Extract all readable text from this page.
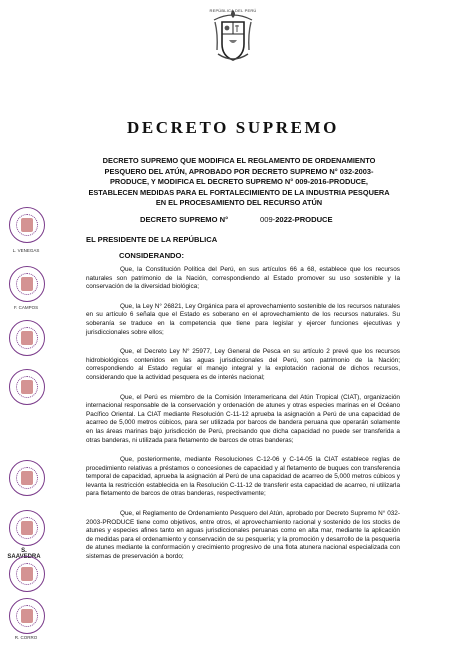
REPÚBLICA DEL PERÚ
DECRETO SUPREMO

DECRETO SUPREMO QUE MODIFICA EL REGLAMENTO DE ORDENAMIENTO

PESQUERO DEL ATÚN, APROBADO POR DECRETO SUPREMO N° 032-2003-

PRODUCE, Y MODIFICA EL DECRETO SUPREMO N° 009-2016-PRODUCE,

ESTABLECEN MEDIDAS PARA EL FORTALECIMIENTO DE LA INDUSTRIA PESQUERA

EN EL PROCESAMIENTO DEL RECURSO ATÚN

DECRETO SUPREMO N°	009-2022-PRODUCE
EL PRESIDENTE DE LA REPÚBLICA
CONSIDERANDO:

Que, la Constitución Política del Perú, en sus artículos 66 a 68, establece que los recursos naturales son patrimonio de la Nación, correspondiendo al Estado promover su uso sostenible y la conservación de la diversidad biológica;

Que, la Ley N° 26821, Ley Orgánica para el aprovechamiento sostenible de los recursos naturales en su artículo 6 señala que el Estado es soberano en el aprovechamiento de los recursos naturales. Su soberanía se traduce en la competencia que tiene para legislar y ejercer funciones ejecutivas y jurisdiccionales sobre ellos;

Que, el Decreto Ley N° 25977, Ley General de Pesca en su artículo 2 prevé que los recursos hidrobiológicos contenidos en las aguas jurisdiccionales del Perú, son patrimonio de la Nación; correspondiendo al Estado regular el manejo integral y la explotación racional de dichos recursos, considerando que la actividad pesquera es de interés nacional;

Que, el Perú es miembro de la Comisión Interamericana del Atún Tropical (CIAT), organización internacional responsable de la conservación y ordenación de atunes y otras especies marinas en el Océano Pacífico Oriental. La CIAT mediante Resolución C-11-12 aprueba la asignación a Perú de una capacidad de acarreo de 5,000 metros cúbicos, para ser utilizada por barcos de bandera peruana que operarán solamente en las áreas marinas bajo jurisdicción de Perú, precisando que dicha capacidad no puede ser transferida a otras banderas, ni utilizada para fletamento de barcos de otras banderas;

Que, posteriormente, mediante Resoluciones C-12-06 y C-14-05 la CIAT establece reglas de procedimiento relativas a préstamos o concesiones de capacidad y al fletamento de buques con transferencia temporal de capacidad, aprueba la asignación al Perú de una capacidad de acarreo de 5,000 metros cúbicos y levanta la restricción establecida en la Resolución C-11-12 de transferir esta capacidad de acarreo, ni utilizarla para fletamento de barcos de otras banderas, respectivamente;

Que, el Reglamento de Ordenamiento Pesquero del Atún, aprobado por Decreto Supremo N° 032-2003-PRODUCE tiene como objetivos, entre otros, el aprovechamiento racional y sostenido de los stocks de atunes y especies afines tanto en aguas jurisdiccionales peruanas como en alta mar, mediante la aplicación de medidas para el ordenamiento y conservación de su pesquería; y la promoción y desarrollo de la pesquería de atunes mediante la conformación y crecimiento progresivo de una flota atunera nacional especializada con sistemas de preservación a bordo;

L. VENEGAS
F. CAMPOS
S. SAAVEDRA
R. CORRO
